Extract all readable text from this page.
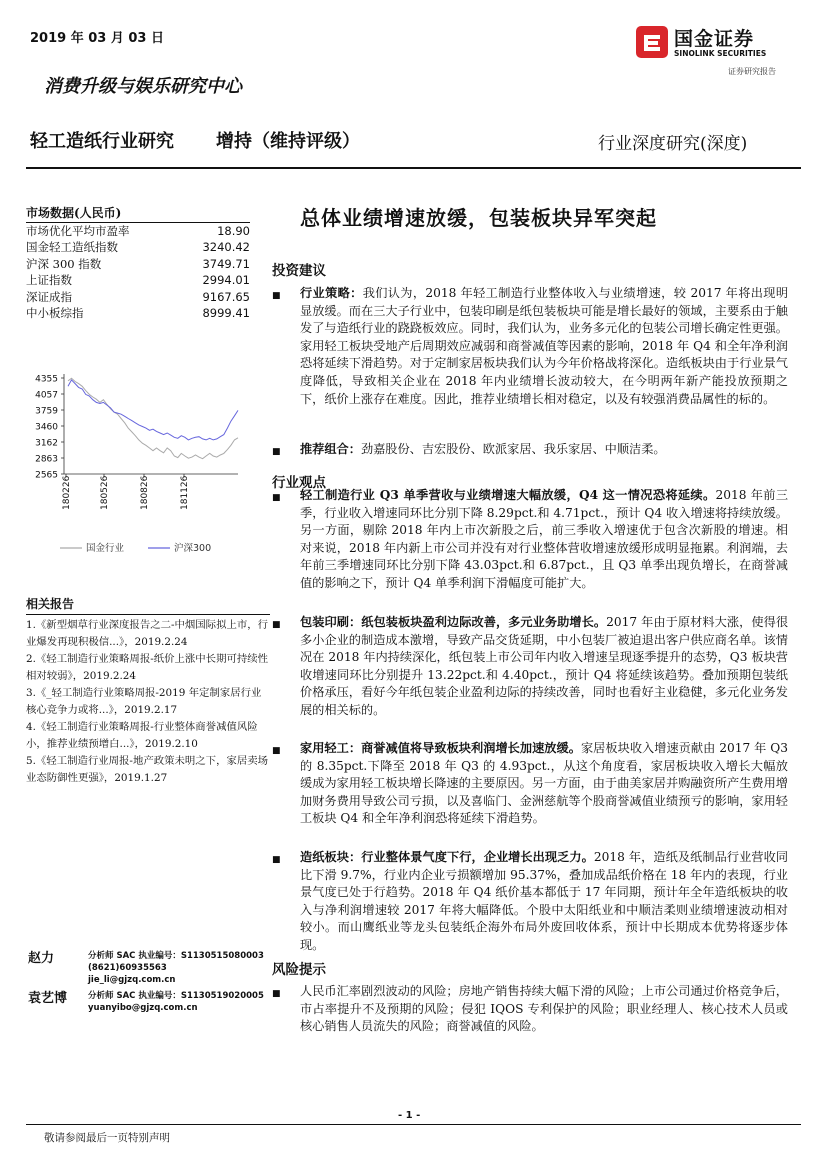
2019 年 03 月 03 日	国金证券
SINOLINK SECURITIES
证券研究报告
消费升级与娱乐研究中心
轻工造纸行业研究 增持（维持评级）	行业深度研究(深度)
市场数据(人民币)
市场优化平均市盈率	18.90
国金轻工造纸指数	3240.42
沪深 300 指数	3749.71
上证指数	2994.01
深证成指	9167.65
中小板综指	8999.41
4355
4057
3759
3460
3162
2863
2565
180226	180526	180826	181126
国金行业	沪深300
相关报告

1.《新型烟草行业深度报告之二-中烟国际拟上市，行业爆发再现积极信...》，2019.2.24

2.《轻工制造行业策略周报-纸价上涨中长期可持续性相对较弱》，2019.2.24

3.《_轻工制造行业策略周报-2019 年定制家居行业核心竞争力或将...》，2019.2.17

4.《轻工制造行业策略周报-行业整体商誉减值风险小，推荐业绩预增白...》，2019.2.10

5.《轻工制造行业周报-地产政策未明之下，家居卖场业态防御性更强》，2019.1.27

赵力	分析师 SAC 执业编号：S1130515080003
(8621)60935563
jie_li@gjzq.com.cn
袁艺博 分析师 SAC 执业编号：S1130519020005
yuanyibo@gjzq.com.cn
总体业绩增速放缓，包装板块异军突起
投资建议
■	行业策略：我们认为，2018 年轻工制造行业整体收入与业绩增速，较 2017 年将出现明显放缓。而在三大子行业中，包装印刷是纸包装板块可能是增长最好的领域，主要系由于触发了与造纸行业的跷跷板效应。同时，我们认为，业务多元化的包装公司增长确定性更强。家用轻工板块受地产后周期效应减弱和商誉减值等因素的影响，2018 年 Q4 和全年净利润恐将延续下滑趋势。对于定制家居板块我们认为今年价格战将深化。造纸板块由于行业景气度降低，导致相关企业在 2018 年内业绩增长波动较大，在今明两年新产能投放预期之下，纸价上涨存在难度。因此，推荐业绩增长相对稳定，以及有较强消费品属性的标的。
■	推荐组合：劲嘉股份、吉宏股份、欧派家居、我乐家居、中顺洁柔。
行业观点
■	轻工制造行业 Q3 单季营收与业绩增速大幅放缓，Q4 这一情况恐将延续。2018 年前三季，行业收入增速同环比分别下降 8.29pct.和 4.71pct.，预计 Q4 收入增速将持续放缓。另一方面，剔除 2018 年内上市次新股之后，前三季收入增速优于包含次新股的增速。相对来说，2018 年内新上市公司并没有对行业整体营收增速放缓形成明显拖累。利润端，去年前三季增速同环比分别下降 43.03pct.和 6.87pct.，且 Q3 单季出现负增长，在商誉减值的影响之下，预计 Q4 单季利润下滑幅度可能扩大。
■	包装印刷：纸包装板块盈利边际改善，多元业务助增长。2017 年由于原材料大涨，使得很多小企业的制造成本激增，导致产品交货延期，中小包装厂被迫退出客户供应商名单。该情况在 2018 年内持续深化，纸包装上市公司年内收入增速呈现逐季提升的态势，Q3 板块营收增速同环比分别提升 13.22pct.和 4.40pct.，预计 Q4 将延续该趋势。叠加预期包装纸价格承压，看好今年纸包装企业盈利边际的持续改善，同时也看好主业稳健，多元化业务发展的相关标的。
■	家用轻工：商誉减值将导致板块利润增长加速放缓。家居板块收入增速贡献由 2017 年 Q3 的 8.35pct.下降至 2018 年 Q3 的 4.93pct.，从这个角度看，家居板块收入增长大幅放缓成为家用轻工板块增长降速的主要原因。另一方面，由于曲美家居并购融资所产生费用增加财务费用导致公司亏损，以及喜临门、金洲慈航等个股商誉减值业绩预亏的影响，家用轻工板块 Q4 和全年净利润恐将延续下滑趋势。
■	造纸板块：行业整体景气度下行，企业增长出现乏力。2018 年，造纸及纸制品行业营收同比下滑 9.7%，行业内企业亏损额增加 95.37%，叠加成品纸价格在 18 年内的表现，行业景气度已处于行趋势。2018 年 Q4 纸价基本都低于 17 年同期，预计年全年造纸板块的收入与净利润增速较 2017 年将大幅降低。个股中太阳纸业和中顺洁柔则业绩增速波动相对较小。而山鹰纸业等龙头包装纸企海外布局外废回收体系，预计中长期成本优势将逐步体现。
风险提示
■	人民币汇率剧烈波动的风险；房地产销售持续大幅下滑的风险；上市公司通过价格竞争后，市占率提升不及预期的风险；侵犯 IQOS 专利保护的风险；职业经理人、核心技术人员或核心销售人员流失的风险；商誉减值的风险。
- 1 -
敬请参阅最后一页特别声明
